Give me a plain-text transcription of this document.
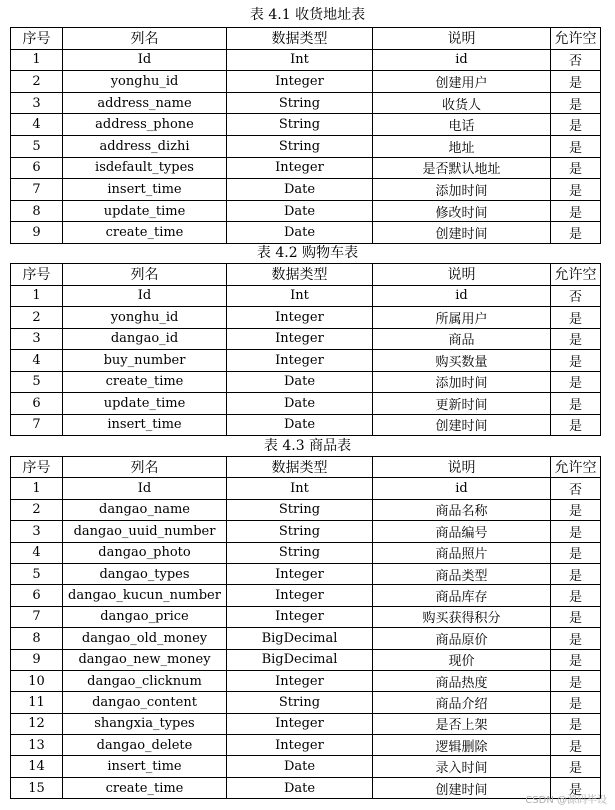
表 4.1 收货地址表
序号	列名	数据类型	说明	允许空
1	Id	Int	id	否
2	yonghu_id	Integer	创建用户	是
3	address_name	String	收货人	是
4	address_phone	String	电话	是
5	address_dizhi	String	地址	是
6	isdefault_types	Integer	是否默认地址	是
7	insert_time	Date	添加时间	是
8	update_time	Date	修改时间	是
9	create_time	Date	创建时间	是
表 4.2 购物车表
序号	列名	数据类型	说明	允许空
1	Id	Int	id	否
2	yonghu_id	Integer	所属用户	是
3	dangao_id	Integer	商品	是
4	buy_number	Integer	购买数量	是
5	create_time	Date	添加时间	是
6	update_time	Date	更新时间	是
7	insert_time	Date	创建时间	是
表 4.3 商品表
序号	列名	数据类型	说明	允许空
1	Id	Int	id	否
2	dangao_name	String	商品名称	是
3	dangao_uuid_number	String	商品编号	是
4	dangao_photo	String	商品照片	是
5	dangao_types	Integer	商品类型	是
6	dangao_kucun_number	Integer	商品库存	是
7	dangao_price	Integer	购买获得积分	是
8	dangao_old_money	BigDecimal	商品原价	是
9	dangao_new_money	BigDecimal	现价	是
10	dangao_clicknum	Integer	商品热度	是
11	dangao_content	String	商品介绍	是
12	shangxia_types	Integer	是否上架	是
13	dangao_delete	Integer	逻辑删除	是
14	insert_time	Date	录入时间	是
15	create_time	Date	创建时间	是
CSDN @源码毕设
